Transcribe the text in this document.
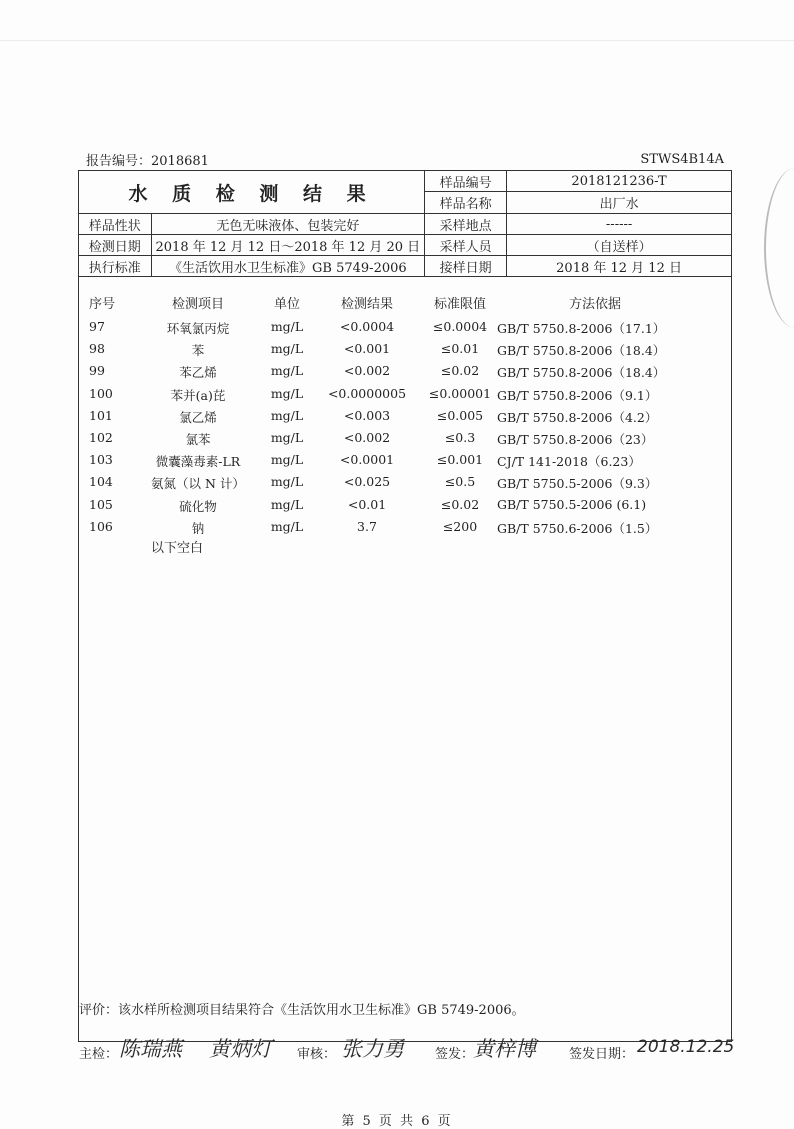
报告编号：2018681	STWS4B14A
水 质 检 测 结 果		样品编号	2018121236-T
		样品名称	出厂水
样品性状	无色无味液体、包装完好	采样地点	------
检测日期	2018 年 12 月 12 日～2018 年 12 月 20 日	采样人员	（自送样）
执行标准	《生活饮用水卫生标准》GB 5749-2006	接样日期	2018 年 12 月 12 日
序号	检测项目	单位	检测结果	标准限值	方法依据
97	环氧氯丙烷	mg/L	<0.0004	≤0.0004 GB/T 5750.8-2006（17.1）
98	苯	mg/L	<0.001	≤0.01	GB/T 5750.8-2006（18.4）
99	苯乙烯	mg/L	<0.002	≤0.02	GB/T 5750.8-2006（18.4）
100	苯并(a)芘	mg/L	<0.0000005	≤0.00001 GB/T 5750.8-2006（9.1）
101	氯乙烯	mg/L	<0.003	≤0.005	GB/T 5750.8-2006（4.2）
102	氯苯	mg/L	<0.002	≤0.3	GB/T 5750.8-2006（23）
103	微囊藻毒素-LR	mg/L	<0.0001	≤0.001	CJ/T 141-2018（6.23）
104	氨氮（以 N 计）	mg/L	<0.025	≤0.5	GB/T 5750.5-2006（9.3）
105	硫化物	mg/L	<0.01	≤0.02	GB/T 5750.5-2006 (6.1)
106	钠	mg/L	3.7	≤200	GB/T 5750.6-2006（1.5）
以下空白
评价：该水样所检测项目结果符合《生活饮用水卫生标准》GB 5749-2006。
主检： 陈瑞燕 黄炳灯 审核： 张力勇 签发：
黄梓博	签发日期： 2018.12.25
第 5 页 共 6 页
